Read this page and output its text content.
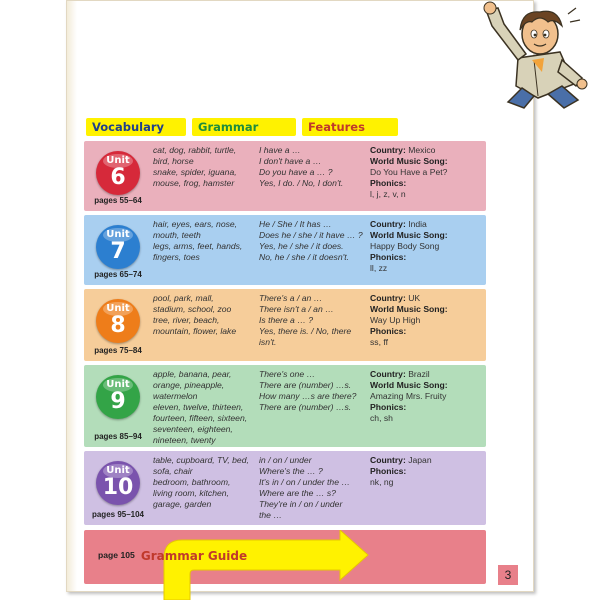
Vocabulary	Grammar	Features
Unit
6
pages 55–64
cat, dog, rabbit, turtle,
bird, horse
snake, spider, iguana,
mouse, frog, hamster
I have a …
I don't have a …
Do you have a … ?
Yes, I do. / No, I don't.
Country: Mexico
World Music Song:
Do You Have a Pet?
Phonics:
l, j, z, v, n
Unit
7
pages 65–74
hair, eyes, ears, nose,
mouth, teeth
legs, arms, feet, hands,
fingers, toes
He / She / It has …
Does he / she / it have … ?
Yes, he / she / it does.
No, he / she / it doesn't.
Country: India
World Music Song:
Happy Body Song
Phonics:
ll, zz
Unit
8
pages 75–84
pool, park, mall,
stadium, school, zoo
tree, river, beach,
mountain, flower, lake
There's a / an …
There isn't a / an …
Is there a … ?
Yes, there is. / No, there
isn't.
Country: UK
World Music Song:
Way Up High
Phonics:
ss, ff
Unit
9
pages 85–94
apple, banana, pear,
orange, pineapple,
watermelon
eleven, twelve, thirteen,
fourteen, fifteen, sixteen,
seventeen, eighteen,
nineteen, twenty
There's one …
There are (number) …s.
How many …s are there?
There are (number) …s.
Country: Brazil
World Music Song:
Amazing Mrs. Fruity
Phonics:
ch, sh
Unit
10
pages 95–104
table, cupboard, TV, bed,
sofa, chair
bedroom, bathroom,
living room, kitchen,
garage, garden
in / on / under
Where's the … ?
It's in / on / under the …
Where are the … s?
They're in / on / under
the …
Country: Japan
Phonics:
nk, ng
page 105 Grammar Guide
3
